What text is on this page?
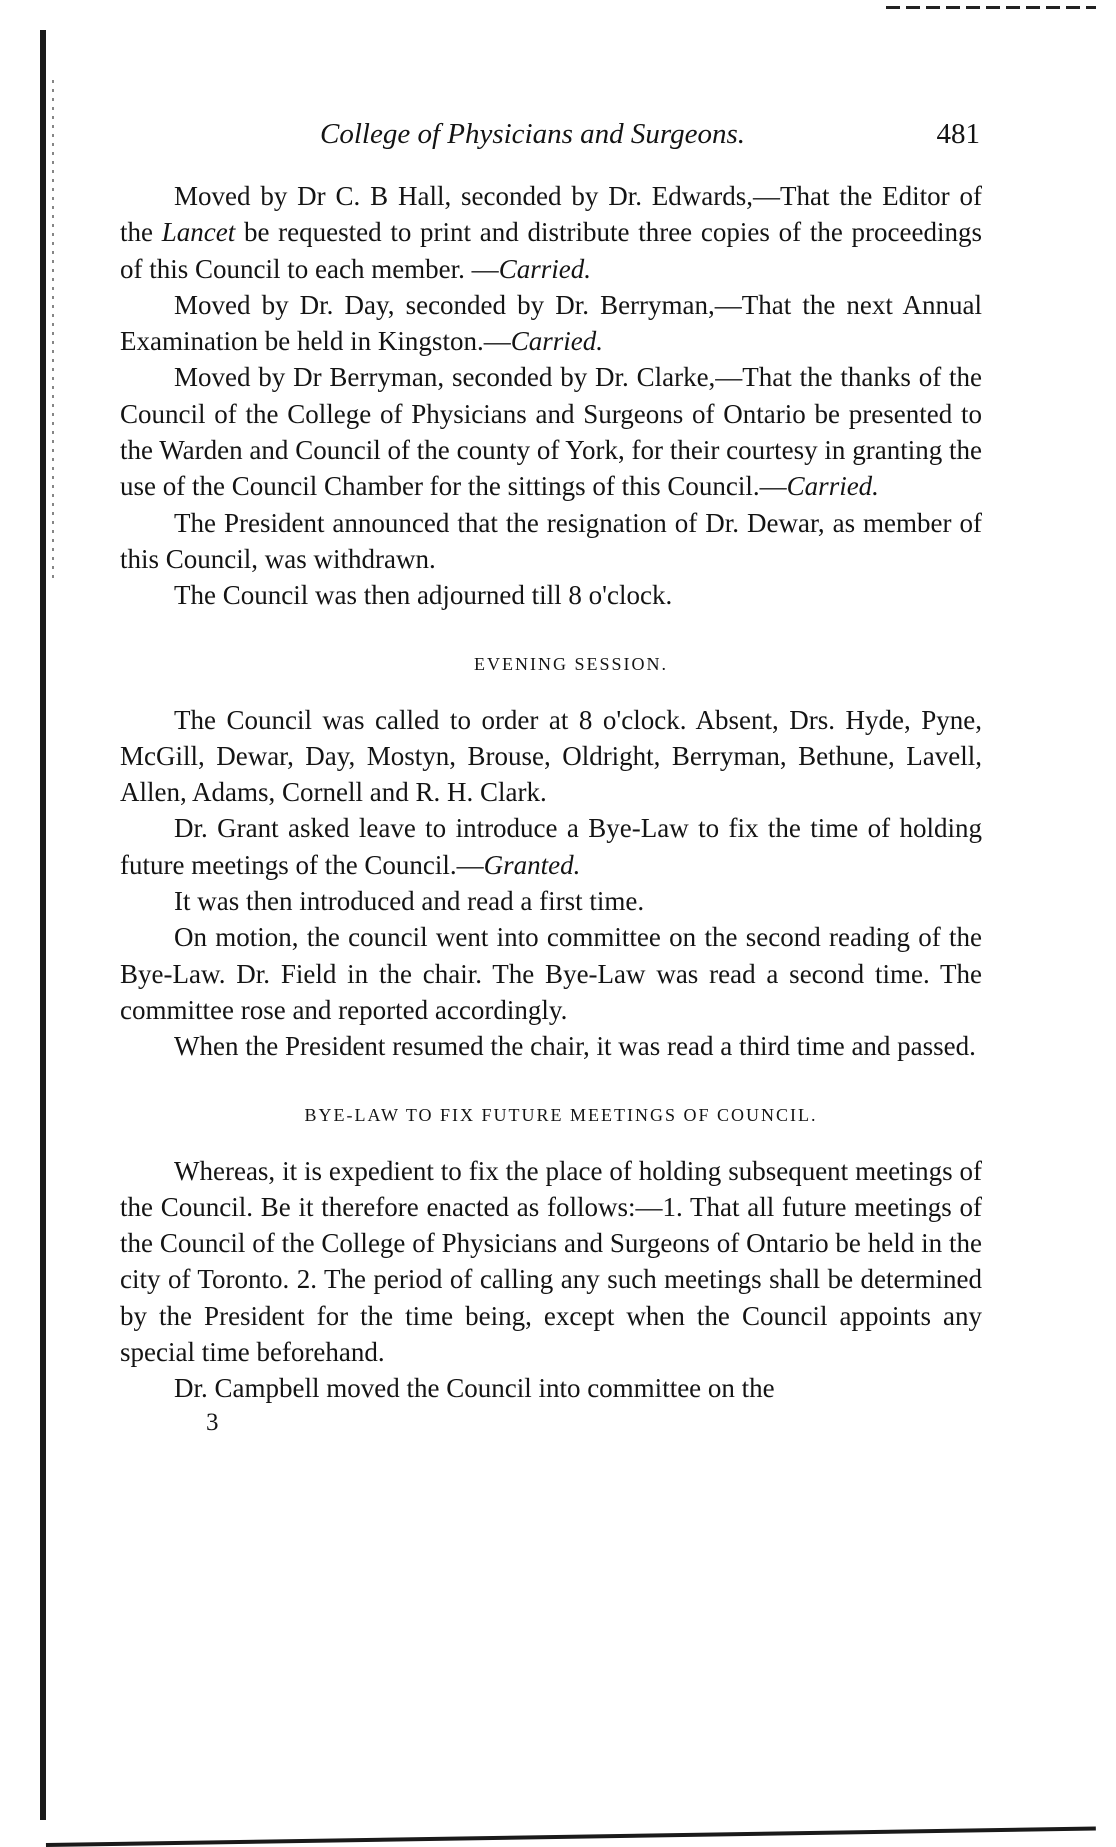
College of Physicians and Surgeons.	481

Moved by Dr C. B Hall, seconded by Dr. Edwards,—That the Editor of the Lancet be requested to print and distribute three copies of the proceedings of this Council to each member. —Carried.

Moved by Dr. Day, seconded by Dr. Berryman,—That the next Annual Examination be held in Kingston.—Carried.

Moved by Dr Berryman, seconded by Dr. Clarke,—That the thanks of the Council of the College of Physicians and Surgeons of Ontario be presented to the Warden and Council of the county of York, for their courtesy in granting the use of the Council Chamber for the sittings of this Council.—Carried.

The President announced that the resignation of Dr. Dewar, as member of this Council, was withdrawn.

The Council was then adjourned till 8 o'clock.

EVENING SESSION.

The Council was called to order at 8 o'clock. Absent, Drs. Hyde, Pyne, McGill, Dewar, Day, Mostyn, Brouse, Oldright, Berryman, Bethune, Lavell, Allen, Adams, Cornell and R. H. Clark.

Dr. Grant asked leave to introduce a Bye-Law to fix the time of holding future meetings of the Council.—Granted.

It was then introduced and read a first time.

On motion, the council went into committee on the second reading of the Bye-Law. Dr. Field in the chair. The Bye-Law was read a second time. The committee rose and reported accordingly.

When the President resumed the chair, it was read a third time and passed.

BYE-LAW TO FIX FUTURE MEETINGS OF COUNCIL.

Whereas, it is expedient to fix the place of holding subsequent meetings of the Council. Be it therefore enacted as follows:—1. That all future meetings of the Council of the College of Physicians and Surgeons of Ontario be held in the city of Toronto. 2. The period of calling any such meetings shall be determined by the President for the time being, except when the Council appoints any special time beforehand.

Dr. Campbell moved the Council into committee on the

3
